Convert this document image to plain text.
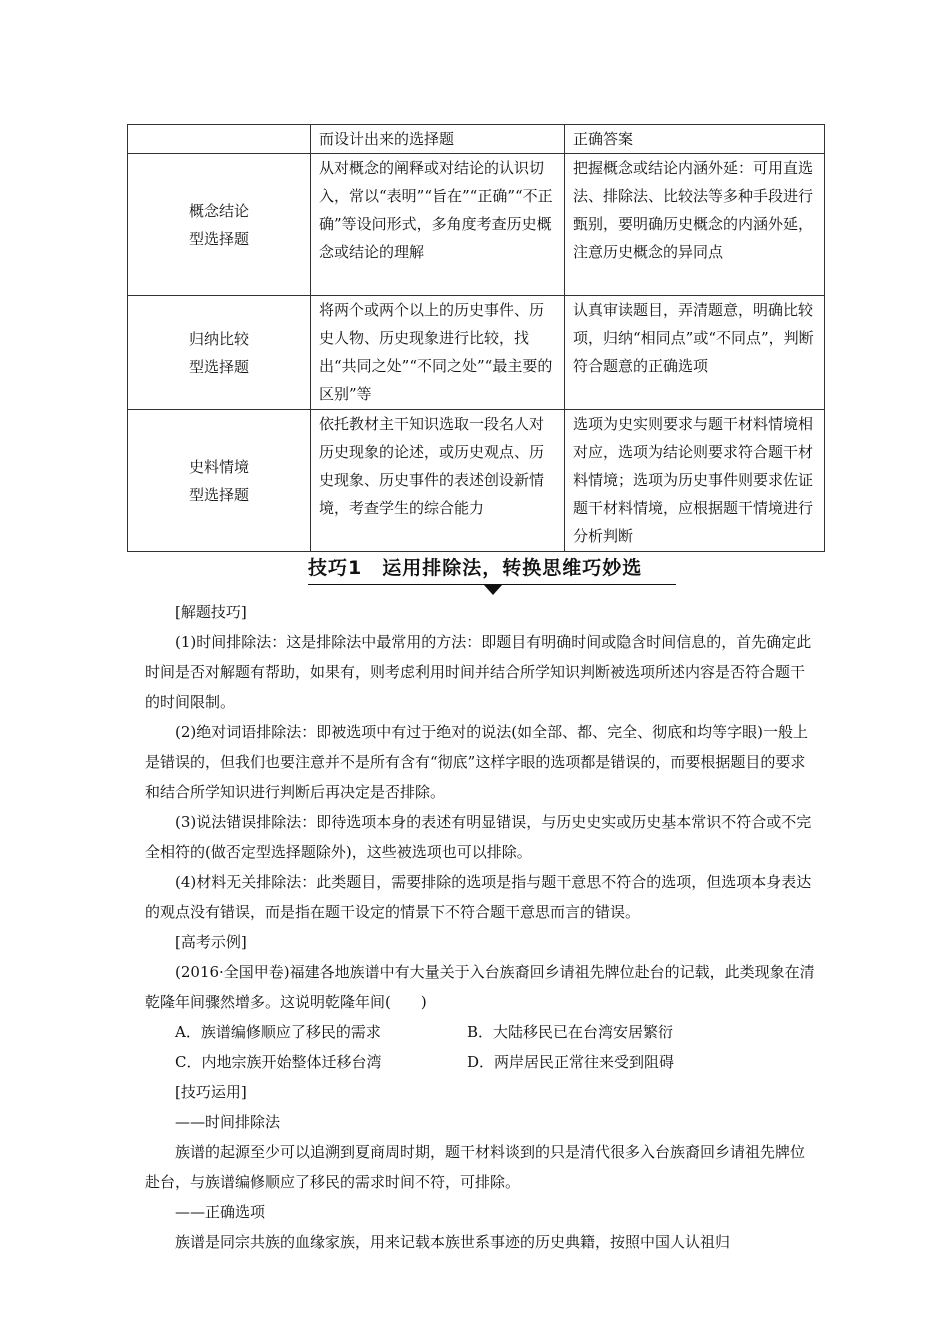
	而设计出来的选择题	正确答案
概念结论
型选择题	从对概念的阐释或对结论的认识切入，常以“表明”“旨在”“正确”“不正确”等设问形式，多角度考查历史概念或结论的理解	把握概念或结论内涵外延：可用直选法、排除法、比较法等多种手段进行甄别，要明确历史概念的内涵外延，注意历史概念的异同点
归纳比较
型选择题	将两个或两个以上的历史事件、历史人物、历史现象进行比较，找出“共同之处”“不同之处”“最主要的区别”等	认真审读题目，弄清题意，明确比较项，归纳“相同点”或“不同点”，判断符合题意的正确选项
史料情境
型选择题	依托教材主干知识选取一段名人对历史现象的论述，或历史观点、历史现象、历史事件的表述创设新情境，考查学生的综合能力	选项为史实则要求与题干材料情境相对应，选项为结论则要求符合题干材料情境；选项为历史事件则要求佐证题干材料情境，应根据题干情境进行分析判断
技巧1　运用排除法，转换思维巧妙选

[解题技巧]

(1)时间排除法：这是排除法中最常用的方法：即题目有明确时间或隐含时间信息的，首先确定此时间是否对解题有帮助，如果有，则考虑利用时间并结合所学知识判断被选项所述内容是否符合题干的时间限制。

(2)绝对词语排除法：即被选项中有过于绝对的说法(如全部、都、完全、彻底和均等字眼)一般上是错误的，但我们也要注意并不是所有含有“彻底”这样字眼的选项都是错误的，而要根据题目的要求和结合所学知识进行判断后再决定是否排除。

(3)说法错误排除法：即待选项本身的表述有明显错误，与历史史实或历史基本常识不符合或不完全相符的(做否定型选择题除外)，这些被选项也可以排除。

(4)材料无关排除法：此类题目，需要排除的选项是指与题干意思不符合的选项，但选项本身表达的观点没有错误，而是指在题干设定的情景下不符合题干意思而言的错误。

[高考示例]

(2016·全国甲卷)福建各地族谱中有大量关于入台族裔回乡请祖先牌位赴台的记载，此类现象在清乾隆年间骤然增多。这说明乾隆年间(　　)

A．族谱编修顺应了移民的需求	B．大陆移民已在台湾安居繁衍
C．内地宗族开始整体迁移台湾	D．两岸居民正常往来受到阻碍

[技巧运用]

——时间排除法

族谱的起源至少可以追溯到夏商周时期，题干材料谈到的只是清代很多入台族裔回乡请祖先牌位赴台，与族谱编修顺应了移民的需求时间不符，可排除。

——正确选项

族谱是同宗共族的血缘家族，用来记载本族世系事迹的历史典籍，按照中国人认祖归
